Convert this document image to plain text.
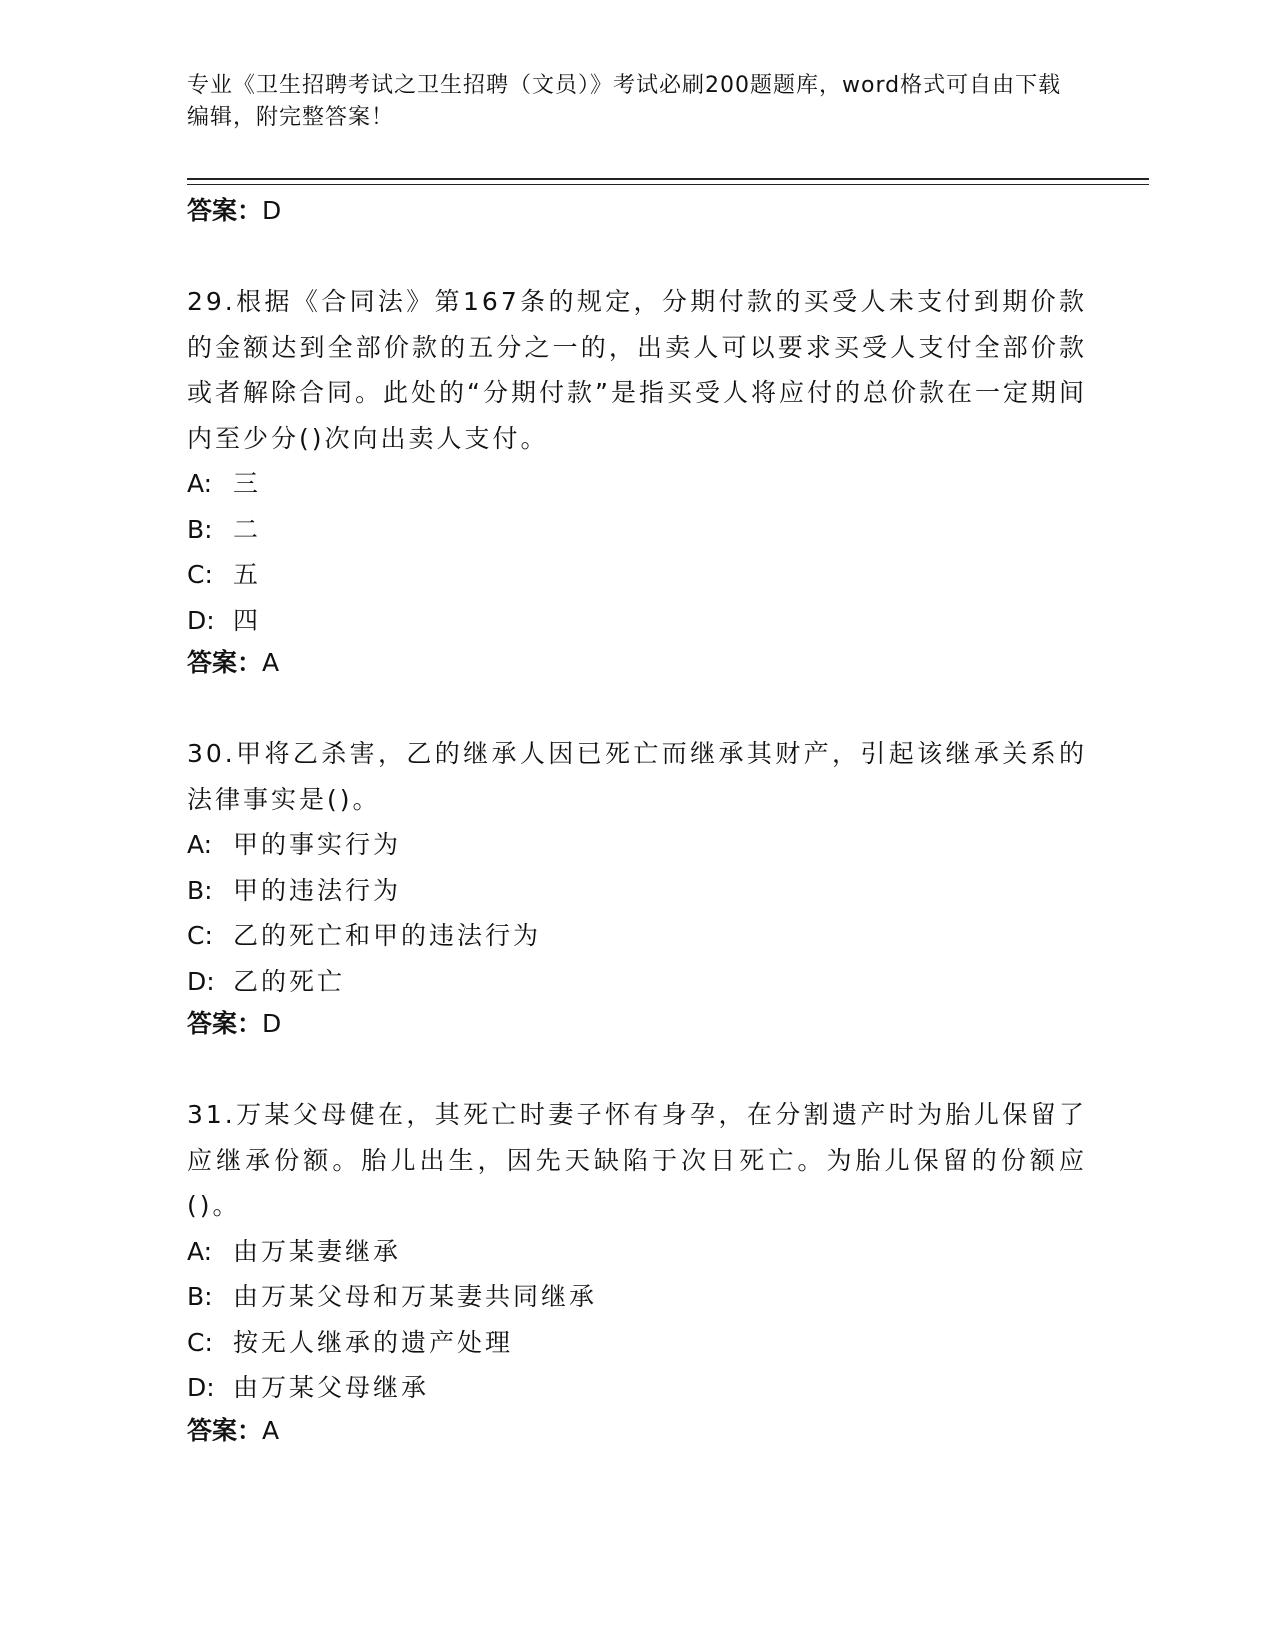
专业《卫生招聘考试之卫生招聘（文员）》考试必刷200题题库，word格式可自由下载编辑，附完整答案！
答案：D
29.根据《合同法》第167条的规定，分期付款的买受人未支付到期价款的金额达到全部价款的五分之一的，出卖人可以要求买受人支付全部价款或者解除合同。此处的“分期付款”是指买受人将应付的总价款在一定期间内至少分()次向出卖人支付。
A: 三
B: 二
C: 五
D: 四
答案：A
30.甲将乙杀害，乙的继承人因已死亡而继承其财产，引起该继承关系的法律事实是()。
A: 甲的事实行为
B: 甲的违法行为
C: 乙的死亡和甲的违法行为
D: 乙的死亡
答案：D
31.万某父母健在，其死亡时妻子怀有身孕，在分割遗产时为胎儿保留了应继承份额。胎儿出生，因先天缺陷于次日死亡。为胎儿保留的份额应()。
A: 由万某妻继承
B: 由万某父母和万某妻共同继承
C: 按无人继承的遗产处理
D: 由万某父母继承
答案：A
